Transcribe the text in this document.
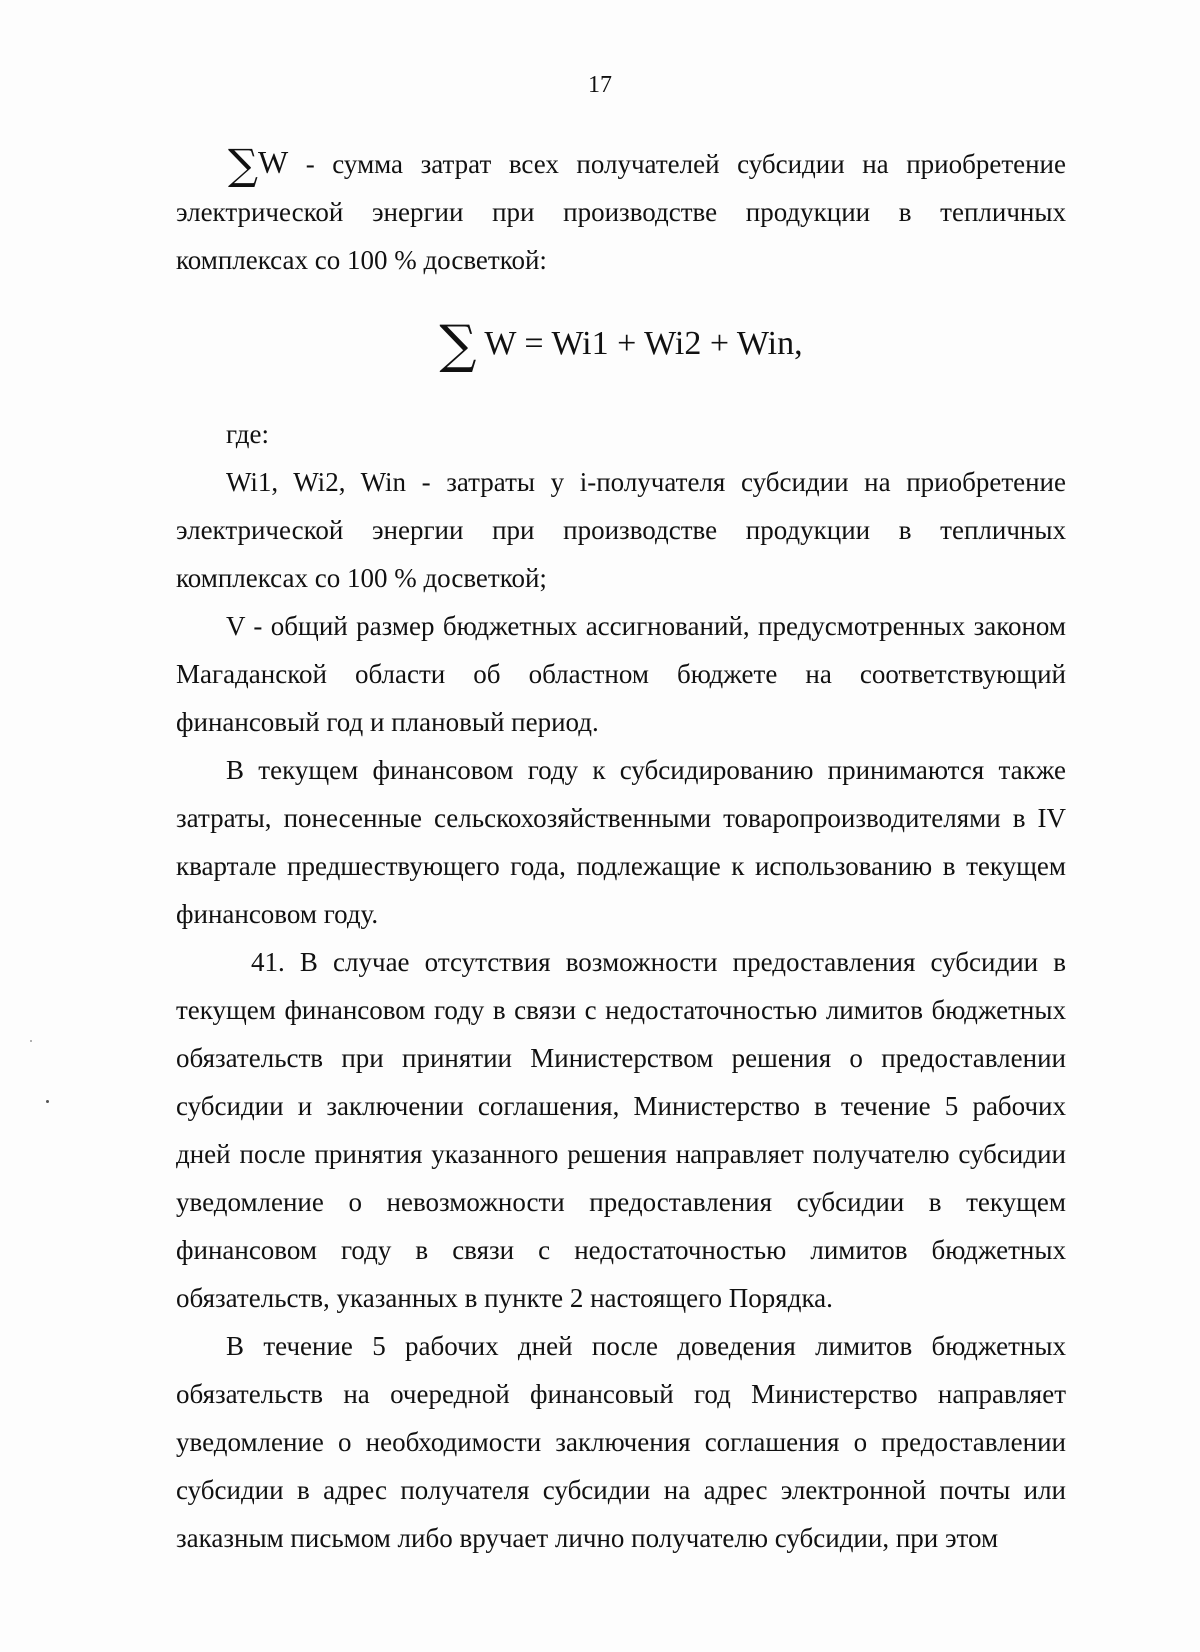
17

∑W - сумма затрат всех получателей субсидии на приобретение электрической энергии при производстве продукции в тепличных комплексах со 100 % досветкой:

∑ W = Wi1 + Wi2 + Win,

где:

Wi1, Wi2, Win - затраты у i-получателя субсидии на приобретение электрической энергии при производстве продукции в тепличных комплексах со 100 % досветкой;

V - общий размер бюджетных ассигнований, предусмотренных законом Магаданской области об областном бюджете на соответствующий финансовый год и плановый период.

В текущем финансовом году к субсидированию принимаются также затраты, понесенные сельскохозяйственными товаропроизводителями в IV квартале предшествующего года, подлежащие к использованию в текущем финансовом году.

41. В случае отсутствия возможности предоставления субсидии в текущем финансовом году в связи с недостаточностью лимитов бюджетных обязательств при принятии Министерством решения о предоставлении субсидии и заключении соглашения, Министерство в течение 5 рабочих дней после принятия указанного решения направляет получателю субсидии уведомление о невозможности предоставления субсидии в текущем финансовом году в связи с недостаточностью лимитов бюджетных обязательств, указанных в пункте 2 настоящего Порядка.

В течение 5 рабочих дней после доведения лимитов бюджетных обязательств на очередной финансовый год Министерство направляет уведомление о необходимости заключения соглашения о предоставлении субсидии в адрес получателя субсидии на адрес электронной почты или заказным письмом либо вручает лично получателю субсидии, при этом
